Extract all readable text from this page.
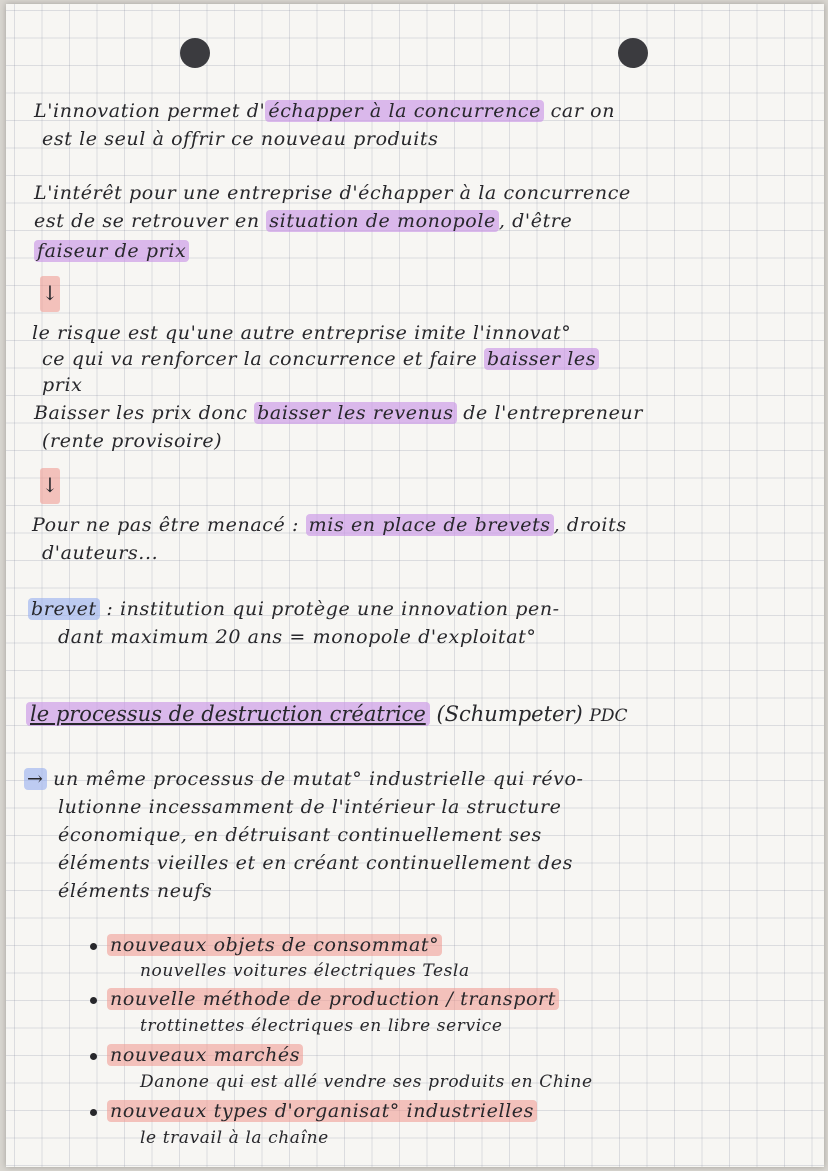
L'innovation permet d' échapper à la concurrence car on
est le seul à offrir ce nouveau produits
L'intérêt pour une entreprise d'échapper à la concurrence
est de se retrouver en situation de monopole , d'être
faiseur de prix
↓
le risque est qu'une autre entreprise imite l'innovat°
ce qui va renforcer la concurrence et faire baisser les
prix
Baisser les prix donc baisser les revenus de l'entrepreneur
(rente provisoire)
↓
Pour ne pas être menacé : mis en place de brevets , droits
d'auteurs...
brevet : institution qui protège une innovation pen-
dant maximum 20 ans = monopole d'exploitat°
le processus de destruction créatrice (Schumpeter) PDC
→ un même processus de mutat° industrielle qui révo-
lutionne incessamment de l'intérieur la structure
économique, en détruisant continuellement ses
éléments vieilles et en créant continuellement des
éléments neufs
nouveaux objets de consommat°
nouvelles voitures électriques Tesla
nouvelle méthode de production / transport
trottinettes électriques en libre service
nouveaux marchés
Danone qui est allé vendre ses produits en Chine
nouveaux types d'organisat° industrielles
le travail à la chaîne
